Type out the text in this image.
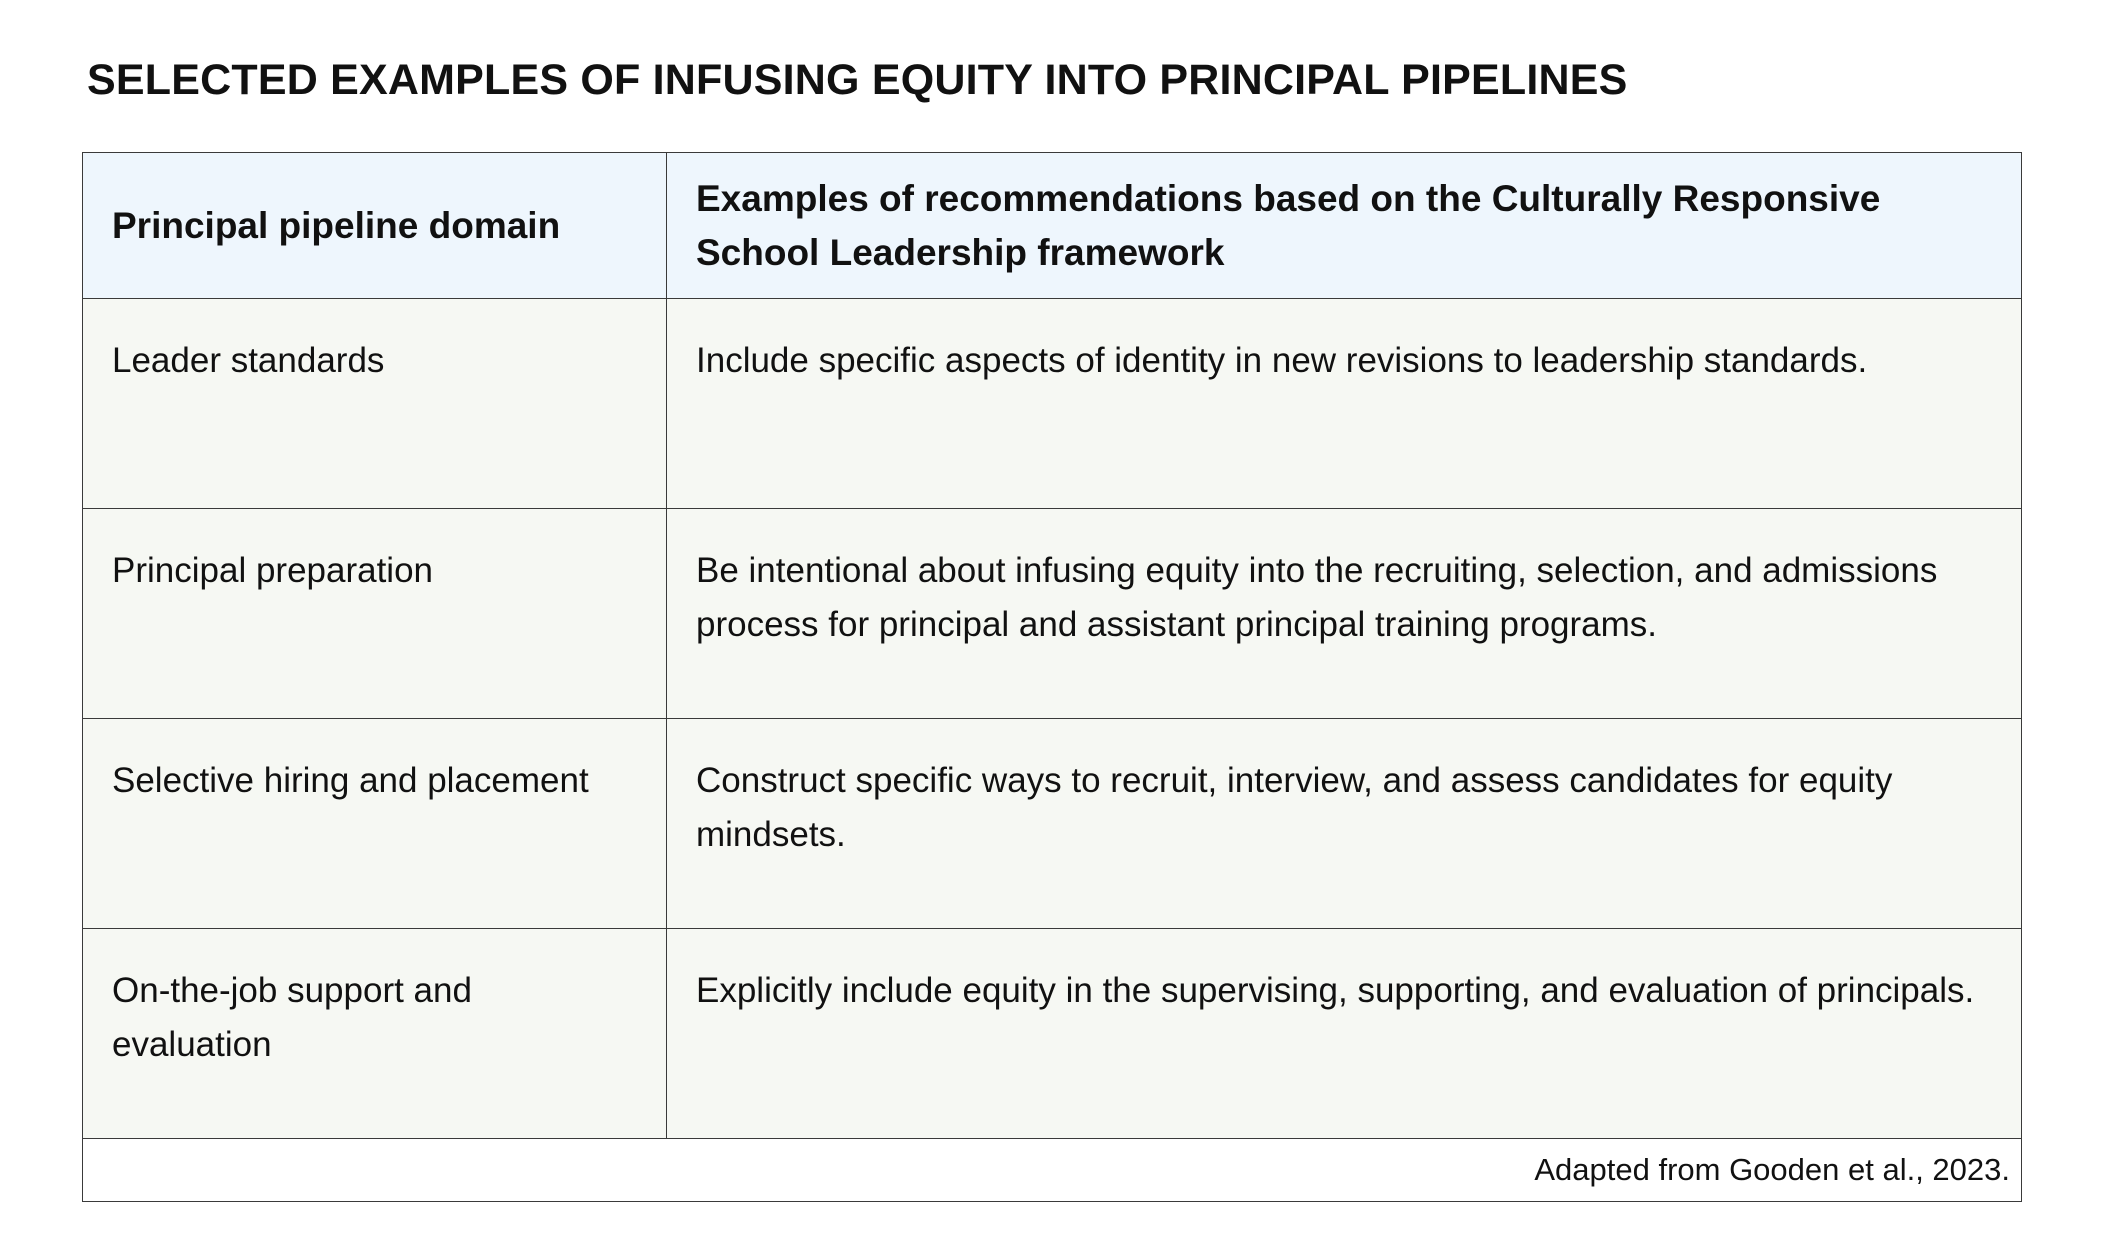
SELECTED EXAMPLES OF INFUSING EQUITY INTO PRINCIPAL PIPELINES
Principal pipeline domain	Examples of recommendations based on the Culturally Responsive School Leadership framework
Leader standards	Include specific aspects of identity in new revisions to leadership standards.
Principal preparation	Be intentional about infusing equity into the recruiting, selection, and admissions process for principal and assistant principal training programs.
Selective hiring and placement	Construct specific ways to recruit, interview, and assess candidates for equity mindsets.
On-the-job support and evaluation	Explicitly include equity in the supervising, supporting, and evaluation of principals.
Adapted from Gooden et al., 2023.	
